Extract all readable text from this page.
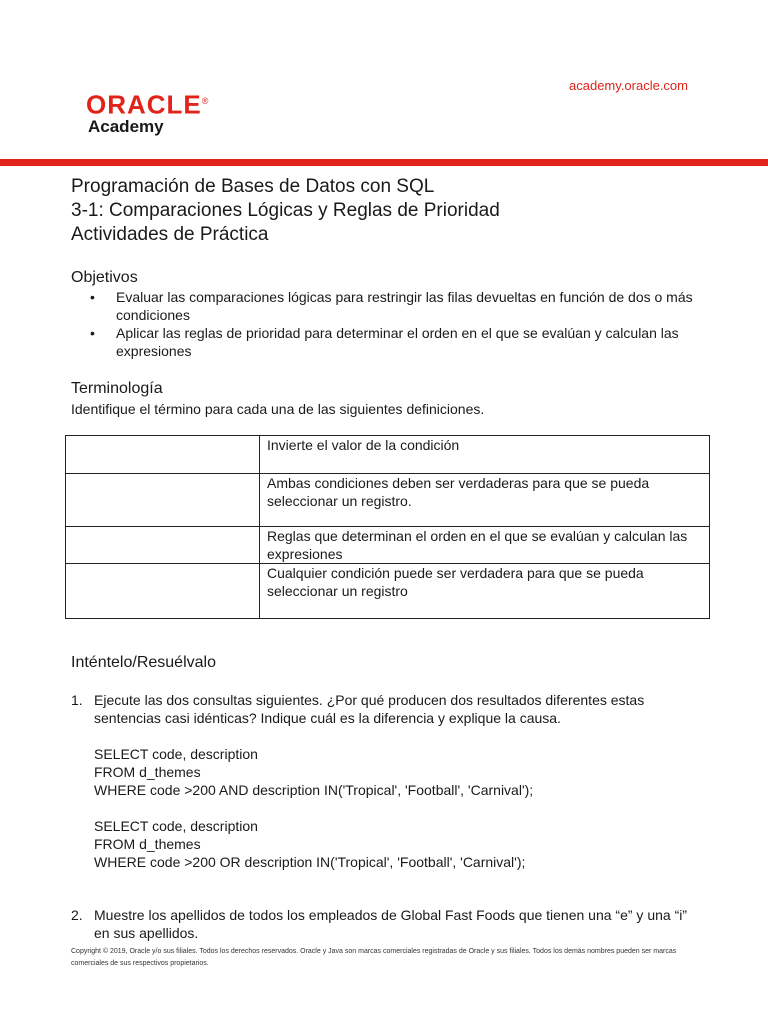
ORACLE®
Academy
academy.oracle.com
Programación de Bases de Datos con SQL
3-1: Comparaciones Lógicas y Reglas de Prioridad
Actividades de Práctica
Objetivos
• Evaluar las comparaciones lógicas para restringir las filas devueltas en función de dos o más condiciones
• Aplicar las reglas de prioridad para determinar el orden en el que se evalúan y calculan las expresiones
Terminología
Identifique el término para cada una de las siguientes definiciones.
	Invierte el valor de la condición
	Ambas condiciones deben ser verdaderas para que se pueda seleccionar un registro.
	Reglas que determinan el orden en el que se evalúan y calculan las expresiones
	Cualquier condición puede ser verdadera para que se pueda seleccionar un registro
Inténtelo/Resuélvalo
1. Ejecute las dos consultas siguientes. ¿Por qué producen dos resultados diferentes estas sentencias casi idénticas? Indique cuál es la diferencia y explique la causa.
SELECT code, description
FROM d_themes
WHERE code >200 AND description IN('Tropical', 'Football', 'Carnival');
SELECT code, description
FROM d_themes
WHERE code >200 OR description IN('Tropical', 'Football', 'Carnival');
2. Muestre los apellidos de todos los empleados de Global Fast Foods que tienen una “e” y una “i” en sus apellidos.
Copyright © 2019, Oracle y/o sus filiales. Todos los derechos reservados. Oracle y Java son marcas comerciales registradas de Oracle y sus filiales. Todos los demás nombres pueden ser marcas comerciales de sus respectivos propietarios.
